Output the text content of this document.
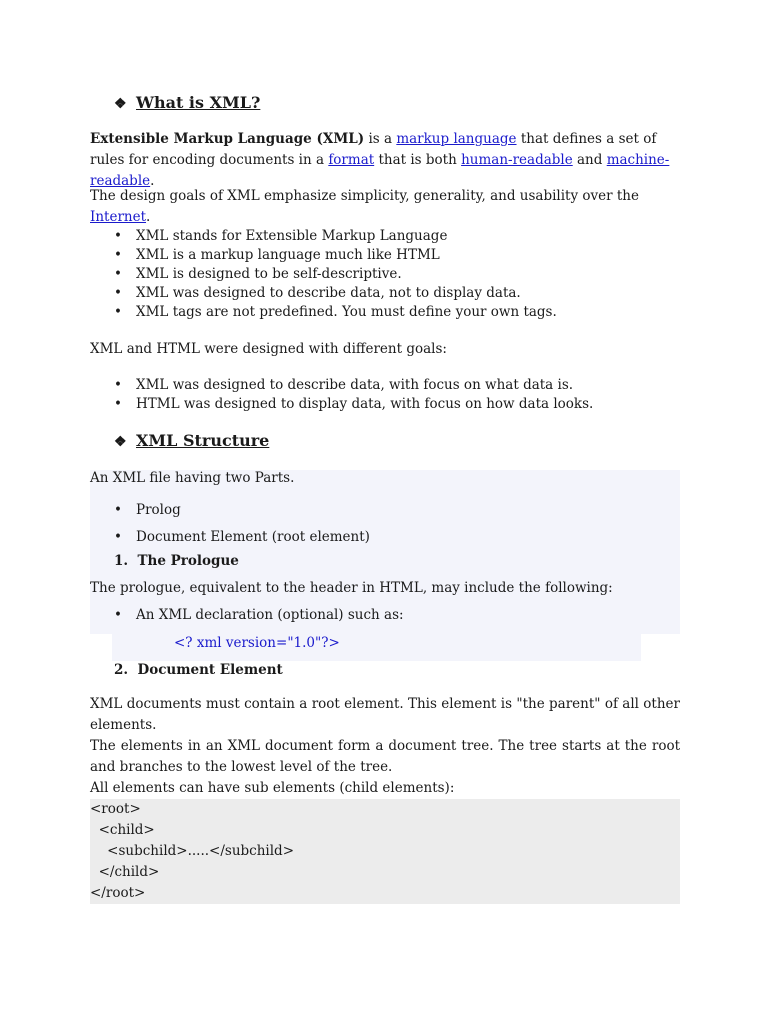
❖ What is XML?
Extensible Markup Language (XML) is a markup language that defines a set of rules for encoding documents in a format that is both human-readable and machine-readable.
The design goals of XML emphasize simplicity, generality, and usability over the Internet.
• XML stands for Extensible Markup Language
• XML is a markup language much like HTML
• XML is designed to be self-descriptive.
• XML was designed to describe data, not to display data.
• XML tags are not predefined. You must define your own tags.
XML and HTML were designed with different goals:
• XML was designed to describe data, with focus on what data is.
• HTML was designed to display data, with focus on how data looks.
❖ XML Structure
An XML file having two Parts.
• Prolog
• Document Element (root element)
1.  The Prologue
The prologue, equivalent to the header in HTML, may include the following:
• An XML declaration (optional) such as:
<? xml version="1.0"?>
2.  Document Element
XML documents must contain a root element. This element is "the parent" of all other elements.
The elements in an XML document form a document tree. The tree starts at the root and branches to the lowest level of the tree.
All elements can have sub elements (child elements):
<root>
<child>
<subchild>.....</subchild>
</child>
</root>
